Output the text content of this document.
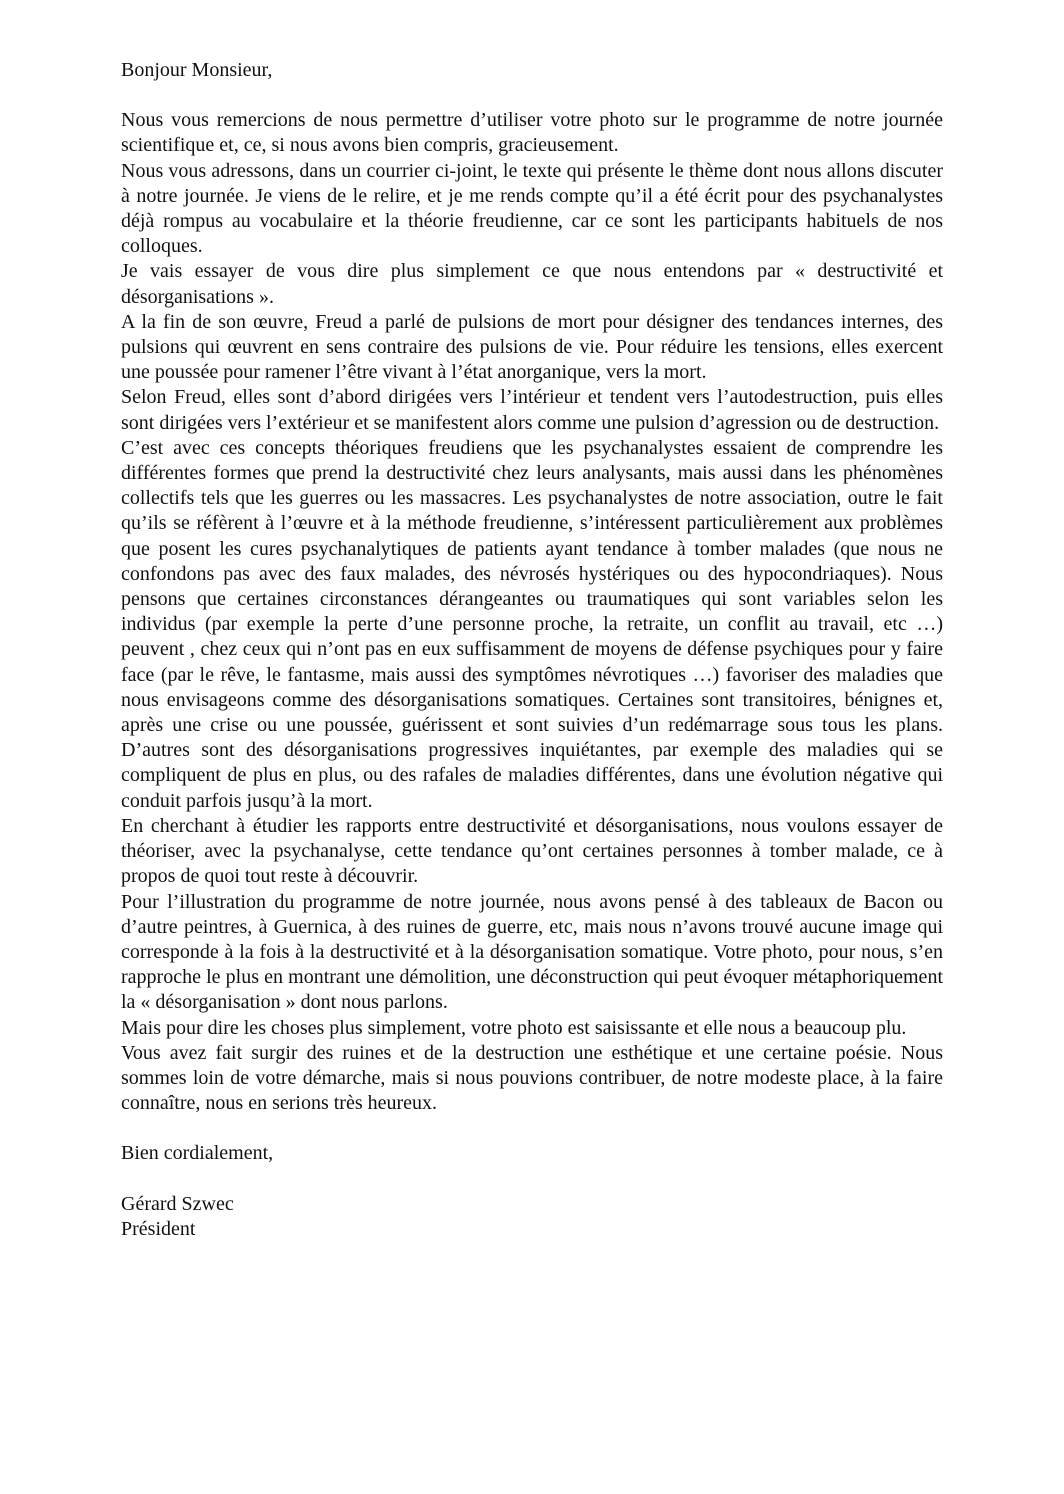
Bonjour Monsieur,

Nous vous remercions de nous permettre d’utiliser votre photo sur le programme de notre journée scientifique et, ce, si nous avons bien compris, gracieusement.

Nous vous adressons, dans un courrier ci-joint, le texte qui présente le thème dont nous allons discuter à notre journée. Je viens de le relire, et je me rends compte qu’il a été écrit pour des psychanalystes déjà rompus au vocabulaire et la théorie freudienne, car ce sont les participants habituels de nos colloques.

Je vais essayer de vous dire plus simplement ce que nous entendons par « destructivité et désorganisations ».

A la fin de son œuvre, Freud a parlé de pulsions de mort pour désigner des tendances internes, des pulsions qui œuvrent en sens contraire des pulsions de vie. Pour réduire les tensions, elles exercent une poussée pour ramener l’être vivant à l’état anorganique, vers la mort.

Selon Freud, elles sont d’abord dirigées vers l’intérieur et tendent vers l’autodestruction, puis elles sont dirigées vers l’extérieur et se manifestent alors comme une pulsion d’agression ou de destruction.

C’est avec ces concepts théoriques freudiens que les psychanalystes essaient de comprendre les différentes formes que prend la destructivité chez leurs analysants, mais aussi dans les phénomènes collectifs tels que les guerres ou les massacres. Les psychanalystes de notre association, outre le fait qu’ils se réfèrent à l’œuvre et à la méthode freudienne, s’intéressent particulièrement aux problèmes que posent les cures psychanalytiques de patients ayant tendance à tomber malades (que nous ne confondons pas avec des faux malades, des névrosés hystériques ou des hypocondriaques). Nous pensons que certaines circonstances dérangeantes ou traumatiques qui sont variables selon les individus (par exemple la perte d’une personne proche, la retraite, un conflit au travail, etc …) peuvent , chez ceux qui n’ont pas en eux suffisamment de moyens de défense psychiques pour y faire face (par le rêve, le fantasme, mais aussi des symptômes névrotiques …) favoriser des maladies que nous envisageons comme des désorganisations somatiques. Certaines sont transitoires, bénignes et, après une crise ou une poussée, guérissent et sont suivies d’un redémarrage sous tous les plans. D’autres sont des désorganisations progressives inquiétantes, par exemple des maladies qui se compliquent de plus en plus, ou des rafales de maladies différentes, dans une évolution négative qui conduit parfois jusqu’à la mort.

En cherchant à étudier les rapports entre destructivité et désorganisations, nous voulons essayer de théoriser, avec la psychanalyse, cette tendance qu’ont certaines personnes à tomber malade, ce à propos de quoi tout reste à découvrir.

Pour l’illustration du programme de notre journée, nous avons pensé à des tableaux de Bacon ou d’autre peintres, à Guernica, à des ruines de guerre, etc, mais nous n’avons trouvé aucune image qui corresponde à la fois à la destructivité et à la désorganisation somatique. Votre photo, pour nous, s’en rapproche le plus en montrant une démolition, une déconstruction qui peut évoquer métaphoriquement la « désorganisation » dont nous parlons.

Mais pour dire les choses plus simplement, votre photo est saisissante et elle nous a beaucoup plu.

Vous avez fait surgir des ruines et de la destruction une esthétique et une certaine poésie. Nous sommes loin de votre démarche, mais si nous pouvions contribuer, de notre modeste place, à la faire connaître, nous en serions très heureux.

Bien cordialement,

Gérard Szwec
Président
